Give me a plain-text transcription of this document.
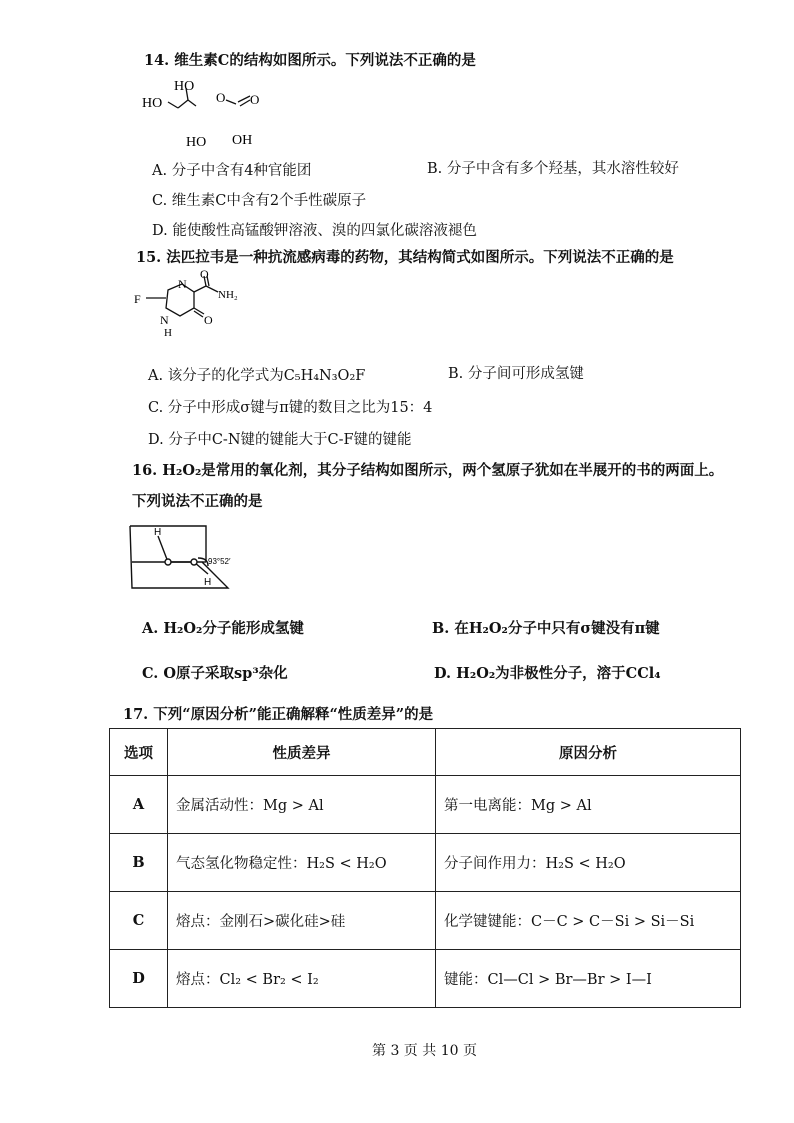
14. 维生素C的结构如图所示。下列说法不正确的是
HO
HO
O O
HO OH
A. 分子中含有4种官能团	B. 分子中含有多个羟基，其水溶性较好
C. 维生素C中含有2个手性碳原子
D. 能使酸性高锰酸钾溶液、溴的四氯化碳溶液褪色
15. 法匹拉韦是一种抗流感病毒的药物，其结构简式如图所示。下列说法不正确的是
F
N
O
NH₂
N
H
O
A. 该分子的化学式为C₅H₄N₃O₂F	B. 分子间可形成氢键
C. 分子中形成σ键与π键的数目之比为15：4
D. 分子中C-N键的键能大于C-F键的键能
16. H₂O₂是常用的氧化剂，其分子结构如图所示，两个氢原子犹如在半展开的书的两面上。
下列说法不正确的是
H
H
93°52′
A. H₂O₂分子能形成氢键	B. 在H₂O₂分子中只有σ键没有π键
C. O原子采取sp³杂化	D. H₂O₂为非极性分子，溶于CCl₄
17. 下列“原因分析”能正确解释“性质差异”的是
选项	性质差异	原因分析
A	金属活动性：Mg > Al	第一电离能：Mg > Al
B	气态氢化物稳定性：H₂S < H₂O	分子间作用力：H₂S < H₂O
C	熔点：金刚石>碳化硅>硅	化学键键能：C－C > C－Si > Si－Si
D	熔点：Cl₂ < Br₂ < I₂	键能：Cl—Cl > Br—Br > I—I
第 3 页 共 10 页
